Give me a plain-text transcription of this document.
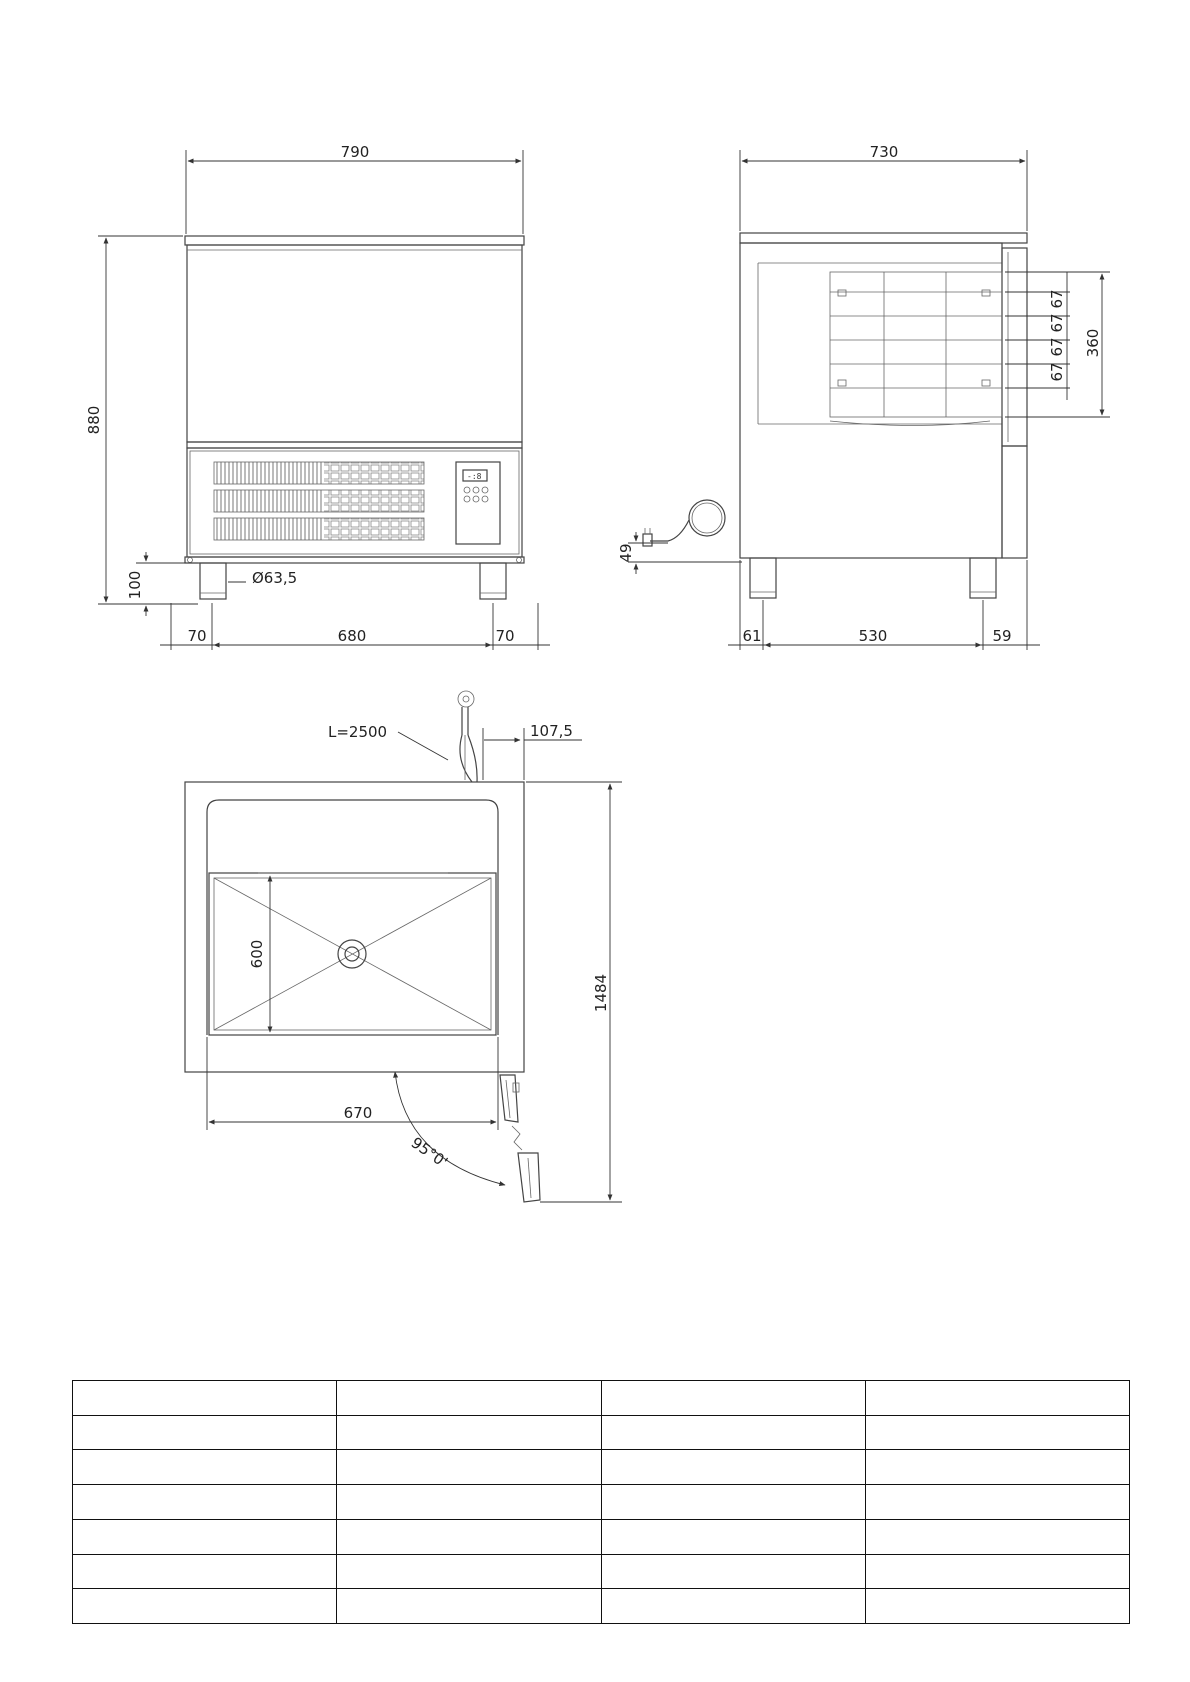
-:8
790
880
100	Ø63,5
70	680	70
730
67
67
67
67
360
49
61	530	59
L=2500	107,5
600
1484
670
95°0'
